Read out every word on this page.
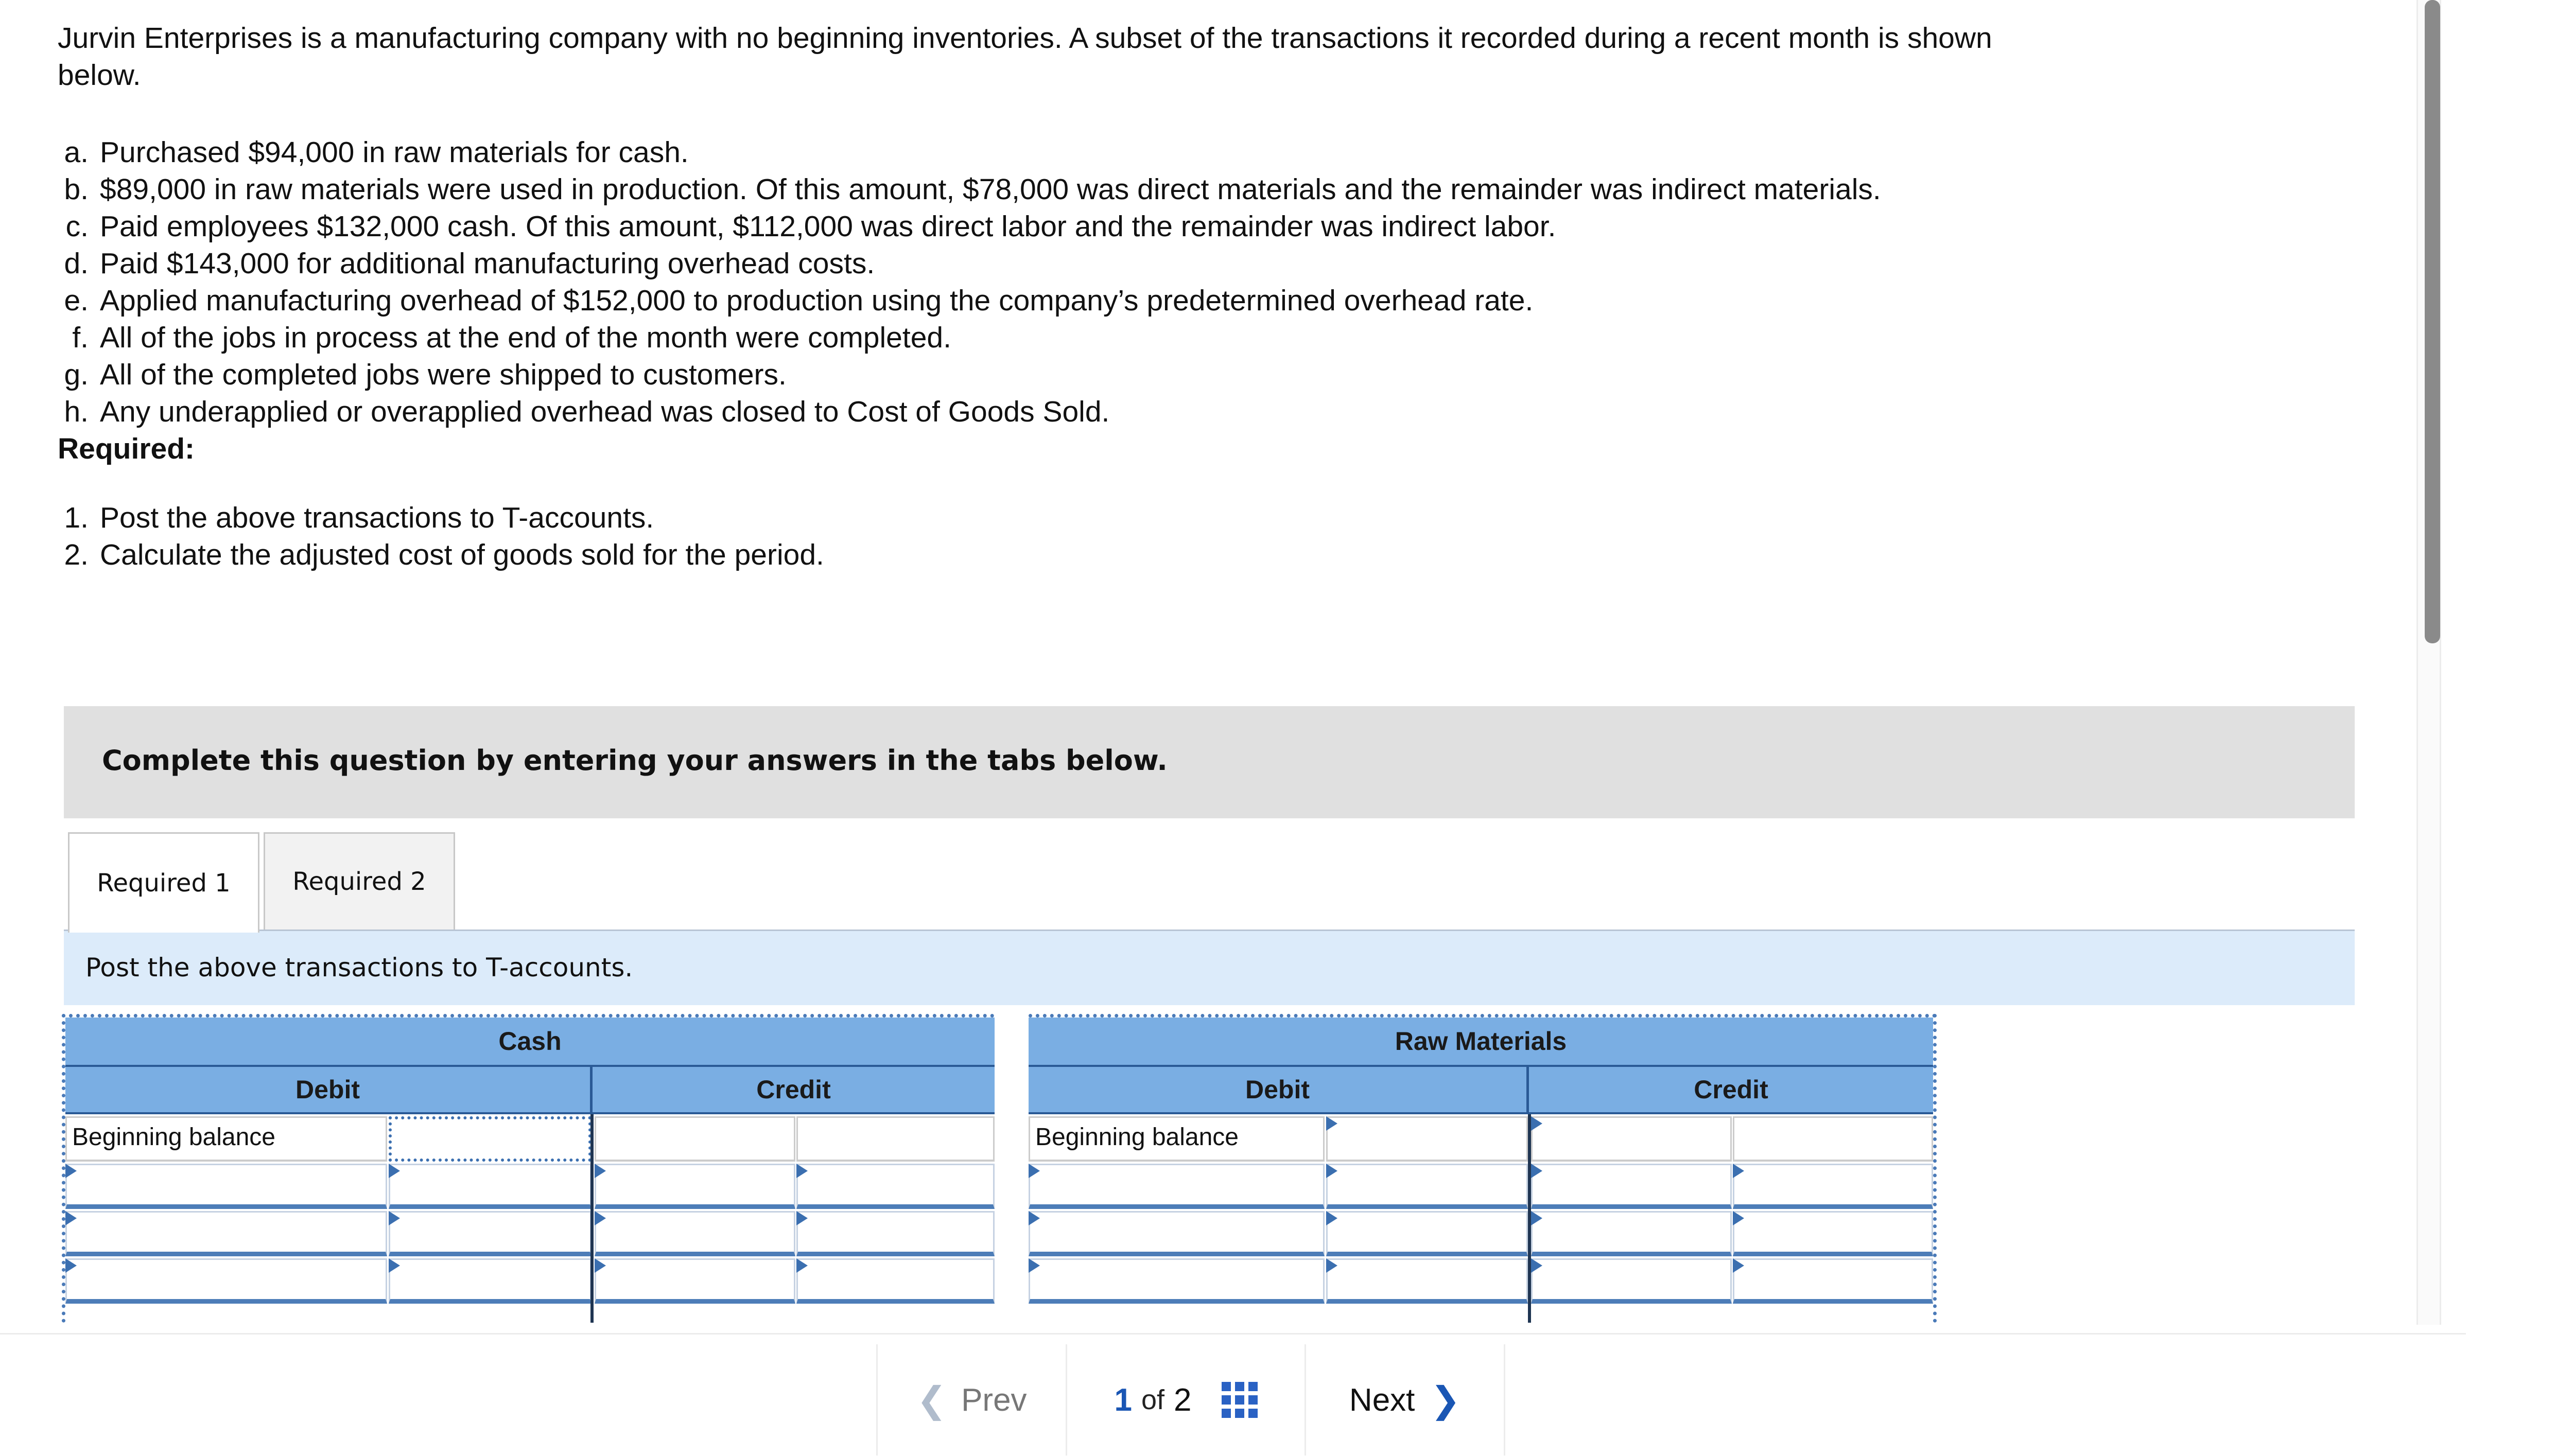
Jurvin Enterprises is a manufacturing company with no beginning inventories. A subset of the transactions it recorded during a recent month is shown below.

a. Purchased $94,000 in raw materials for cash.
b. $89,000 in raw materials were used in production. Of this amount, $78,000 was direct materials and the remainder was indirect materials.
c. Paid employees $132,000 cash. Of this amount, $112,000 was direct labor and the remainder was indirect labor.
d. Paid $143,000 for additional manufacturing overhead costs.
e. Applied manufacturing overhead of $152,000 to production using the company’s predetermined overhead rate.
f. All of the jobs in process at the end of the month were completed.
g. All of the completed jobs were shipped to customers.
h. Any underapplied or overapplied overhead was closed to Cost of Goods Sold.

Required:

1. Post the above transactions to T-accounts.
2. Calculate the adjusted cost of goods sold for the period.
Complete this question by entering your answers in the tabs below.
Required 1	Required 2
Post the above transactions to T-accounts.
Cash
Debit	Credit
Beginning balance
Raw Materials
Debit	Credit
Beginning balance
❮ Prev	1 of 2	Next ❯
